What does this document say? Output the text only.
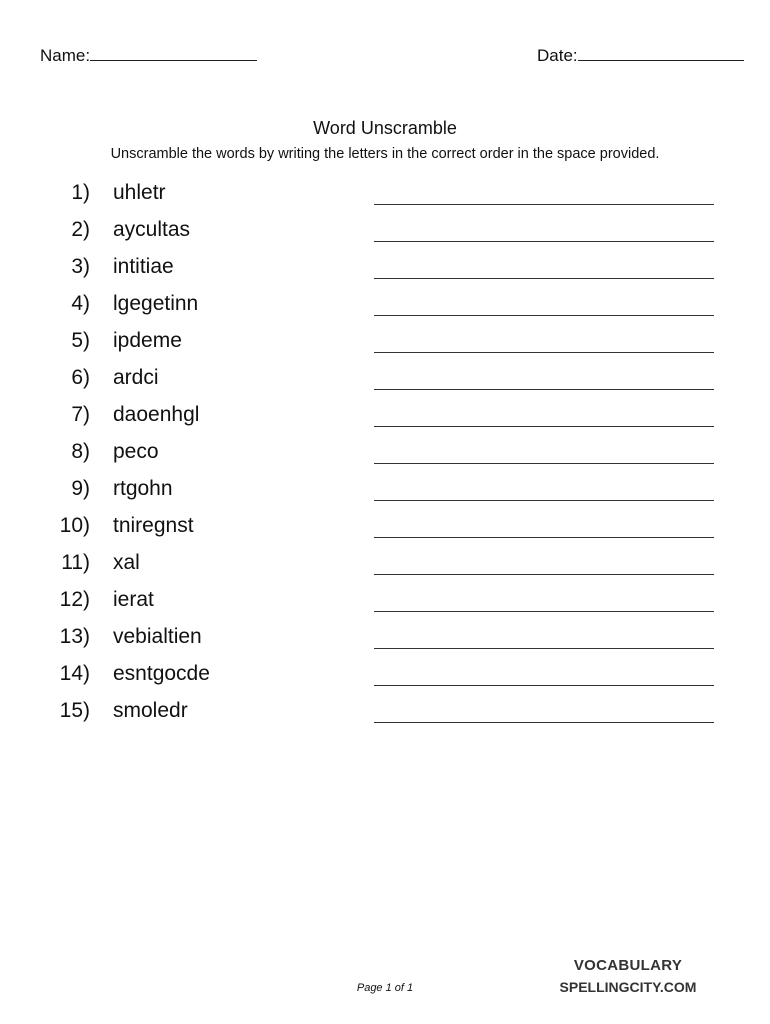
Name:	Date:
Word Unscramble
Unscramble the words by writing the letters in the correct order in the space provided.
1) uhletr
2) aycultas
3) intitiae
4) lgegetinn
5) ipdeme
6) ardci
7) daoenhgl
8) peco
9) rtgohn
10) tniregnst
11) xal
12) ierat
13) vebialtien
14) esntgocde
15) smoledr
Page 1 of 1
VOCABULARY
SPELLINGCITY.COM
